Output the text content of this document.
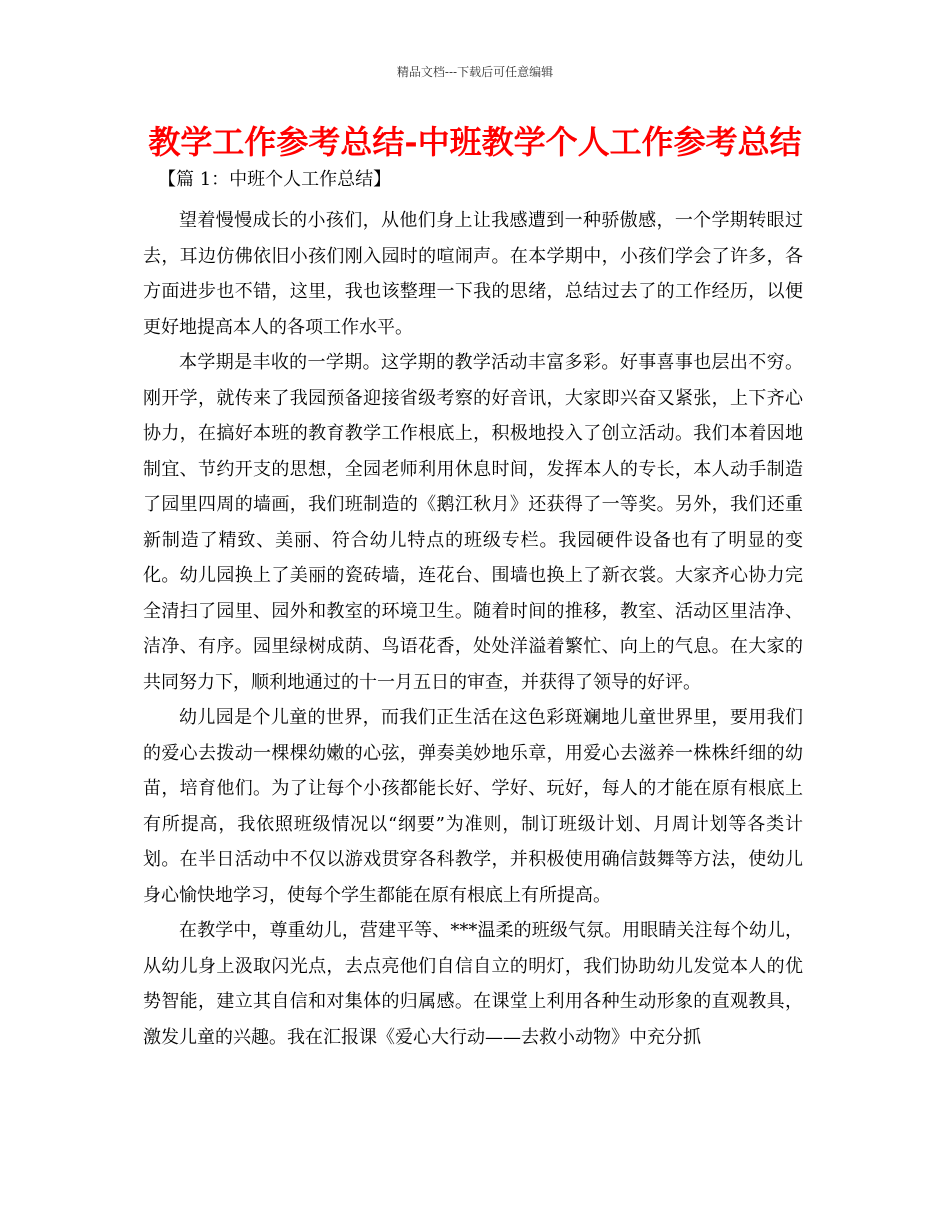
精品文档---下载后可任意编辑
教学工作参考总结-中班教学个人工作参考总结
【篇 1：中班个人工作总结】

望着慢慢成长的小孩们，从他们身上让我感遭到一种骄傲感，一个学期转眼过去，耳边仿佛依旧小孩们刚入园时的喧闹声。在本学期中，小孩们学会了许多，各方面进步也不错，这里，我也该整理一下我的思绪，总结过去了的工作经历，以便更好地提高本人的各项工作水平。

本学期是丰收的一学期。这学期的教学活动丰富多彩。好事喜事也层出不穷。刚开学，就传来了我园预备迎接省级考察的好音讯，大家即兴奋又紧张，上下齐心协力，在搞好本班的教育教学工作根底上，积极地投入了创立活动。我们本着因地制宜、节约开支的思想，全园老师利用休息时间，发挥本人的专长，本人动手制造了园里四周的墙画，我们班制造的《鹅江秋月》还获得了一等奖。另外，我们还重新制造了精致、美丽、符合幼儿特点的班级专栏。我园硬件设备也有了明显的变化。幼儿园换上了美丽的瓷砖墙，连花台、围墙也换上了新衣裳。大家齐心协力完全清扫了园里、园外和教室的环境卫生。随着时间的推移，教室、活动区里洁净、洁净、有序。园里绿树成荫、鸟语花香，处处洋溢着繁忙、向上的气息。在大家的共同努力下，顺利地通过的十一月五日的审查，并获得了领导的好评。

幼儿园是个儿童的世界，而我们正生活在这色彩斑斓地儿童世界里，要用我们的爱心去拨动一棵棵幼嫩的心弦，弹奏美妙地乐章，用爱心去滋养一株株纤细的幼苗，培育他们。为了让每个小孩都能长好、学好、玩好，每人的才能在原有根底上有所提高，我依照班级情况以“纲要”为准则，制订班级计划、月周计划等各类计划。在半日活动中不仅以游戏贯穿各科教学，并积极使用确信鼓舞等方法，使幼儿身心愉快地学习，使每个学生都能在原有根底上有所提高。

在教学中，尊重幼儿，营建平等、***温柔的班级气氛。用眼睛关注每个幼儿，从幼儿身上汲取闪光点，去点亮他们自信自立的明灯，我们协助幼儿发觉本人的优势智能，建立其自信和对集体的归属感。在课堂上利用各种生动形象的直观教具，激发儿童的兴趣。我在汇报课《爱心大行动——去救小动物》中充分抓
